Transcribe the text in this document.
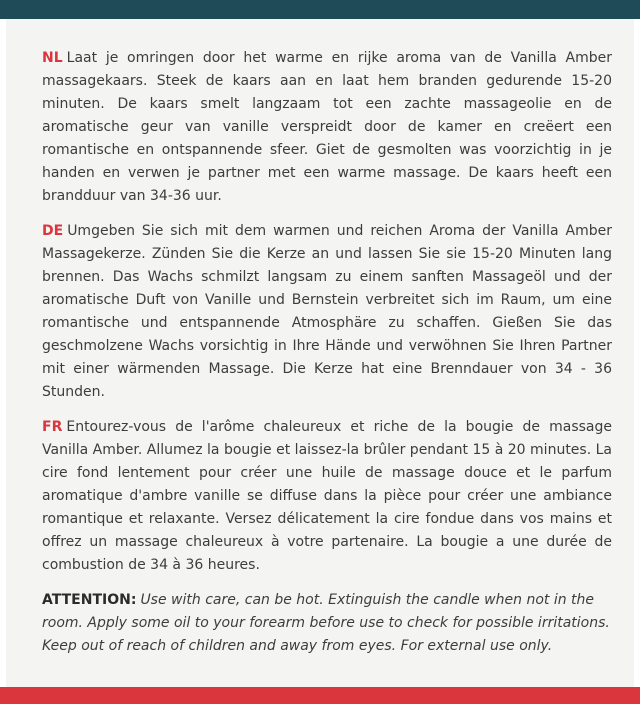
NL Laat je omringen door het warme en rijke aroma van de Vanilla Amber massagekaars. Steek de kaars aan en laat hem branden gedurende 15-20 minuten. De kaars smelt langzaam tot een zachte massageolie en de aromatische geur van vanille verspreidt door de kamer en creëert een romantische en ontspannende sfeer. Giet de gesmolten was voorzichtig in je handen en verwen je partner met een warme massage. De kaars heeft een brandduur van 34-36 uur.

DE Umgeben Sie sich mit dem warmen und reichen Aroma der Vanilla Amber Massagekerze. Zünden Sie die Kerze an und lassen Sie sie 15-20 Minuten lang brennen. Das Wachs schmilzt langsam zu einem sanften Massageöl und der aromatische Duft von Vanille und Bernstein verbreitet sich im Raum, um eine romantische und entspannende Atmosphäre zu schaffen. Gießen Sie das geschmolzene Wachs vorsichtig in Ihre Hände und verwöhnen Sie Ihren Partner mit einer wärmenden Massage. Die Kerze hat eine Brenndauer von 34 - 36 Stunden.

FR Entourez-vous de l'arôme chaleureux et riche de la bougie de massage Vanilla Amber. Allumez la bougie et laissez-la brûler pendant 15 à 20 minutes. La cire fond lentement pour créer une huile de massage douce et le parfum aromatique d'ambre vanille se diffuse dans la pièce pour créer une ambiance romantique et relaxante. Versez délicatement la cire fondue dans vos mains et offrez un massage chaleureux à votre partenaire. La bougie a une durée de combustion de 34 à 36 heures.

ATTENTION: Use with care, can be hot. Extinguish the candle when not in the room. Apply some oil to your forearm before use to check for possible irritations. Keep out of reach of children and away from eyes. For external use only.
